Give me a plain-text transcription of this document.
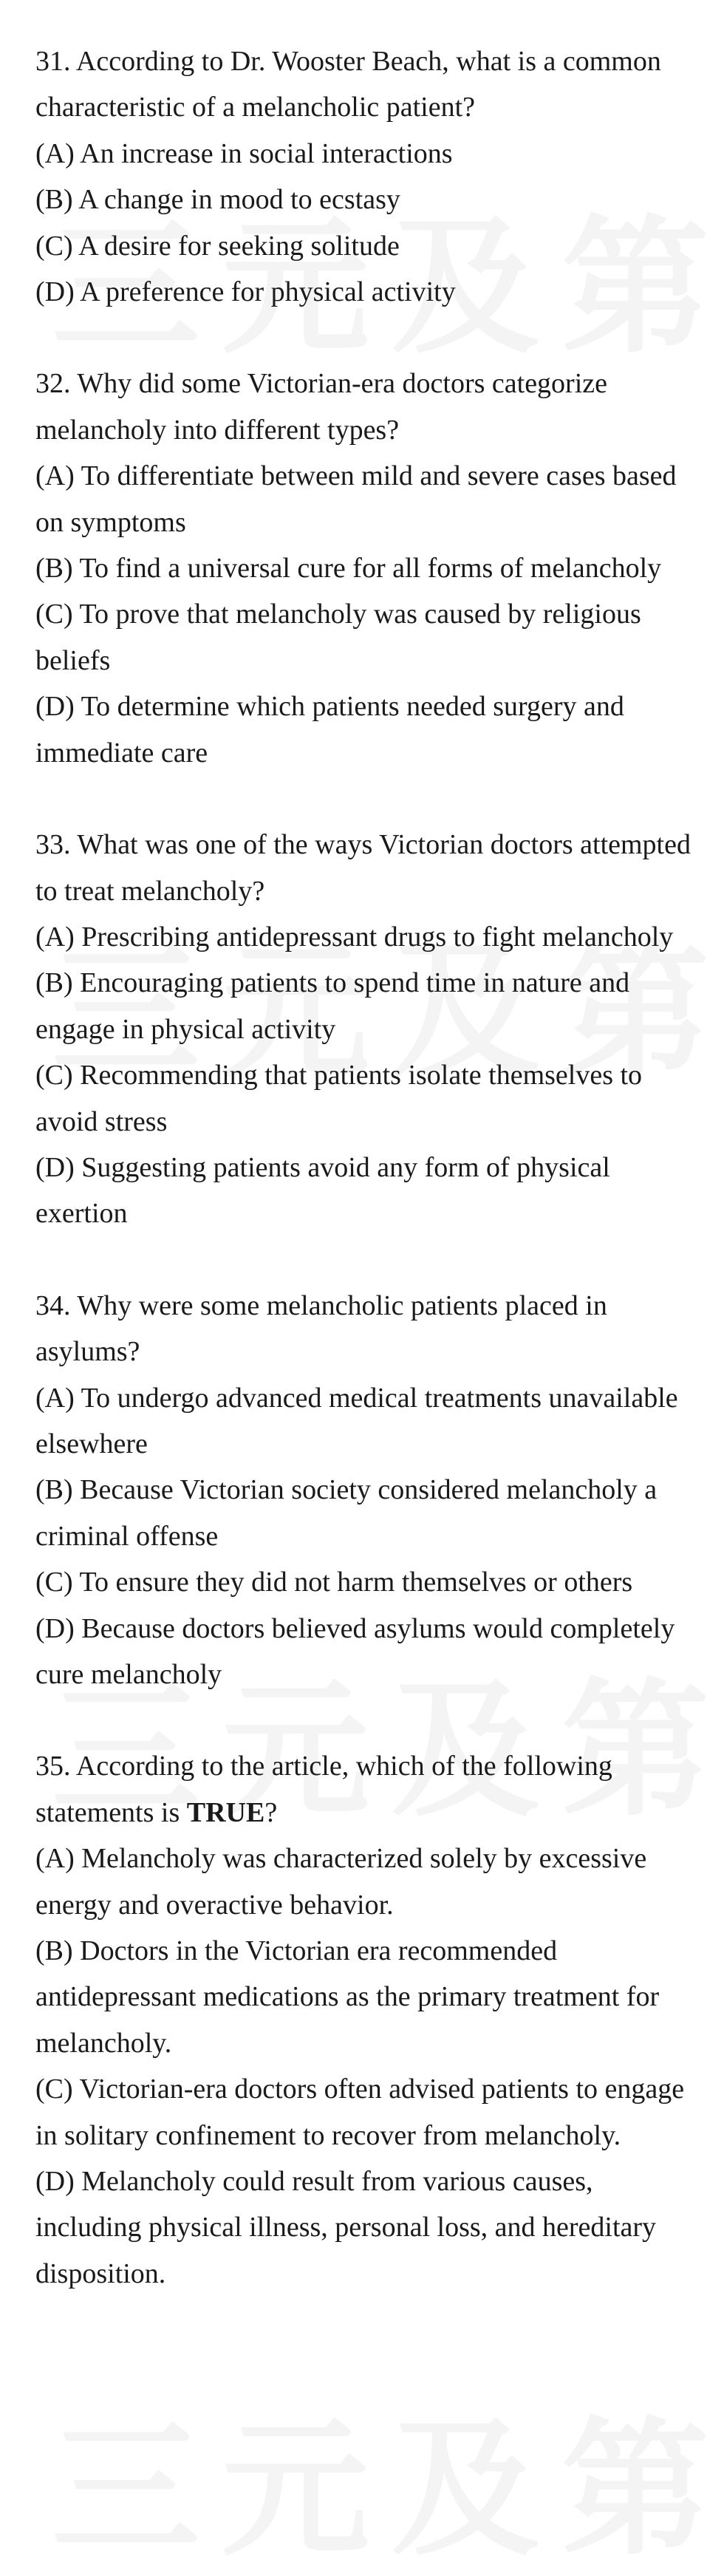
31. According to Dr. Wooster Beach, what is a common characteristic of a melancholic patient?

(A) An increase in social interactions

(B) A change in mood to ecstasy

(C) A desire for seeking solitude

(D) A preference for physical activity

32. Why did some Victorian-era doctors categorize melancholy into different types?

(A) To differentiate between mild and severe cases based on symptoms

(B) To find a universal cure for all forms of melancholy

(C) To prove that melancholy was caused by religious beliefs

(D) To determine which patients needed surgery and immediate care

33. What was one of the ways Victorian doctors attempted to treat melancholy?

(A) Prescribing antidepressant drugs to fight melancholy

(B) Encouraging patients to spend time in nature and engage in physical activity

(C) Recommending that patients isolate themselves to avoid stress

(D) Suggesting patients avoid any form of physical exertion

34. Why were some melancholic patients placed in asylums?

(A) To undergo advanced medical treatments unavailable elsewhere

(B) Because Victorian society considered melancholy a criminal offense

(C) To ensure they did not harm themselves or others

(D) Because doctors believed asylums would completely cure melancholy

35. According to the article, which of the following statements is TRUE?

(A) Melancholy was characterized solely by excessive energy and overactive behavior.

(B) Doctors in the Victorian era recommended antidepressant medications as the primary treatment for melancholy.

(C) Victorian-era doctors often advised patients to engage in solitary confinement to recover from melancholy.

(D) Melancholy could result from various causes, including physical illness, personal loss, and hereditary disposition.
